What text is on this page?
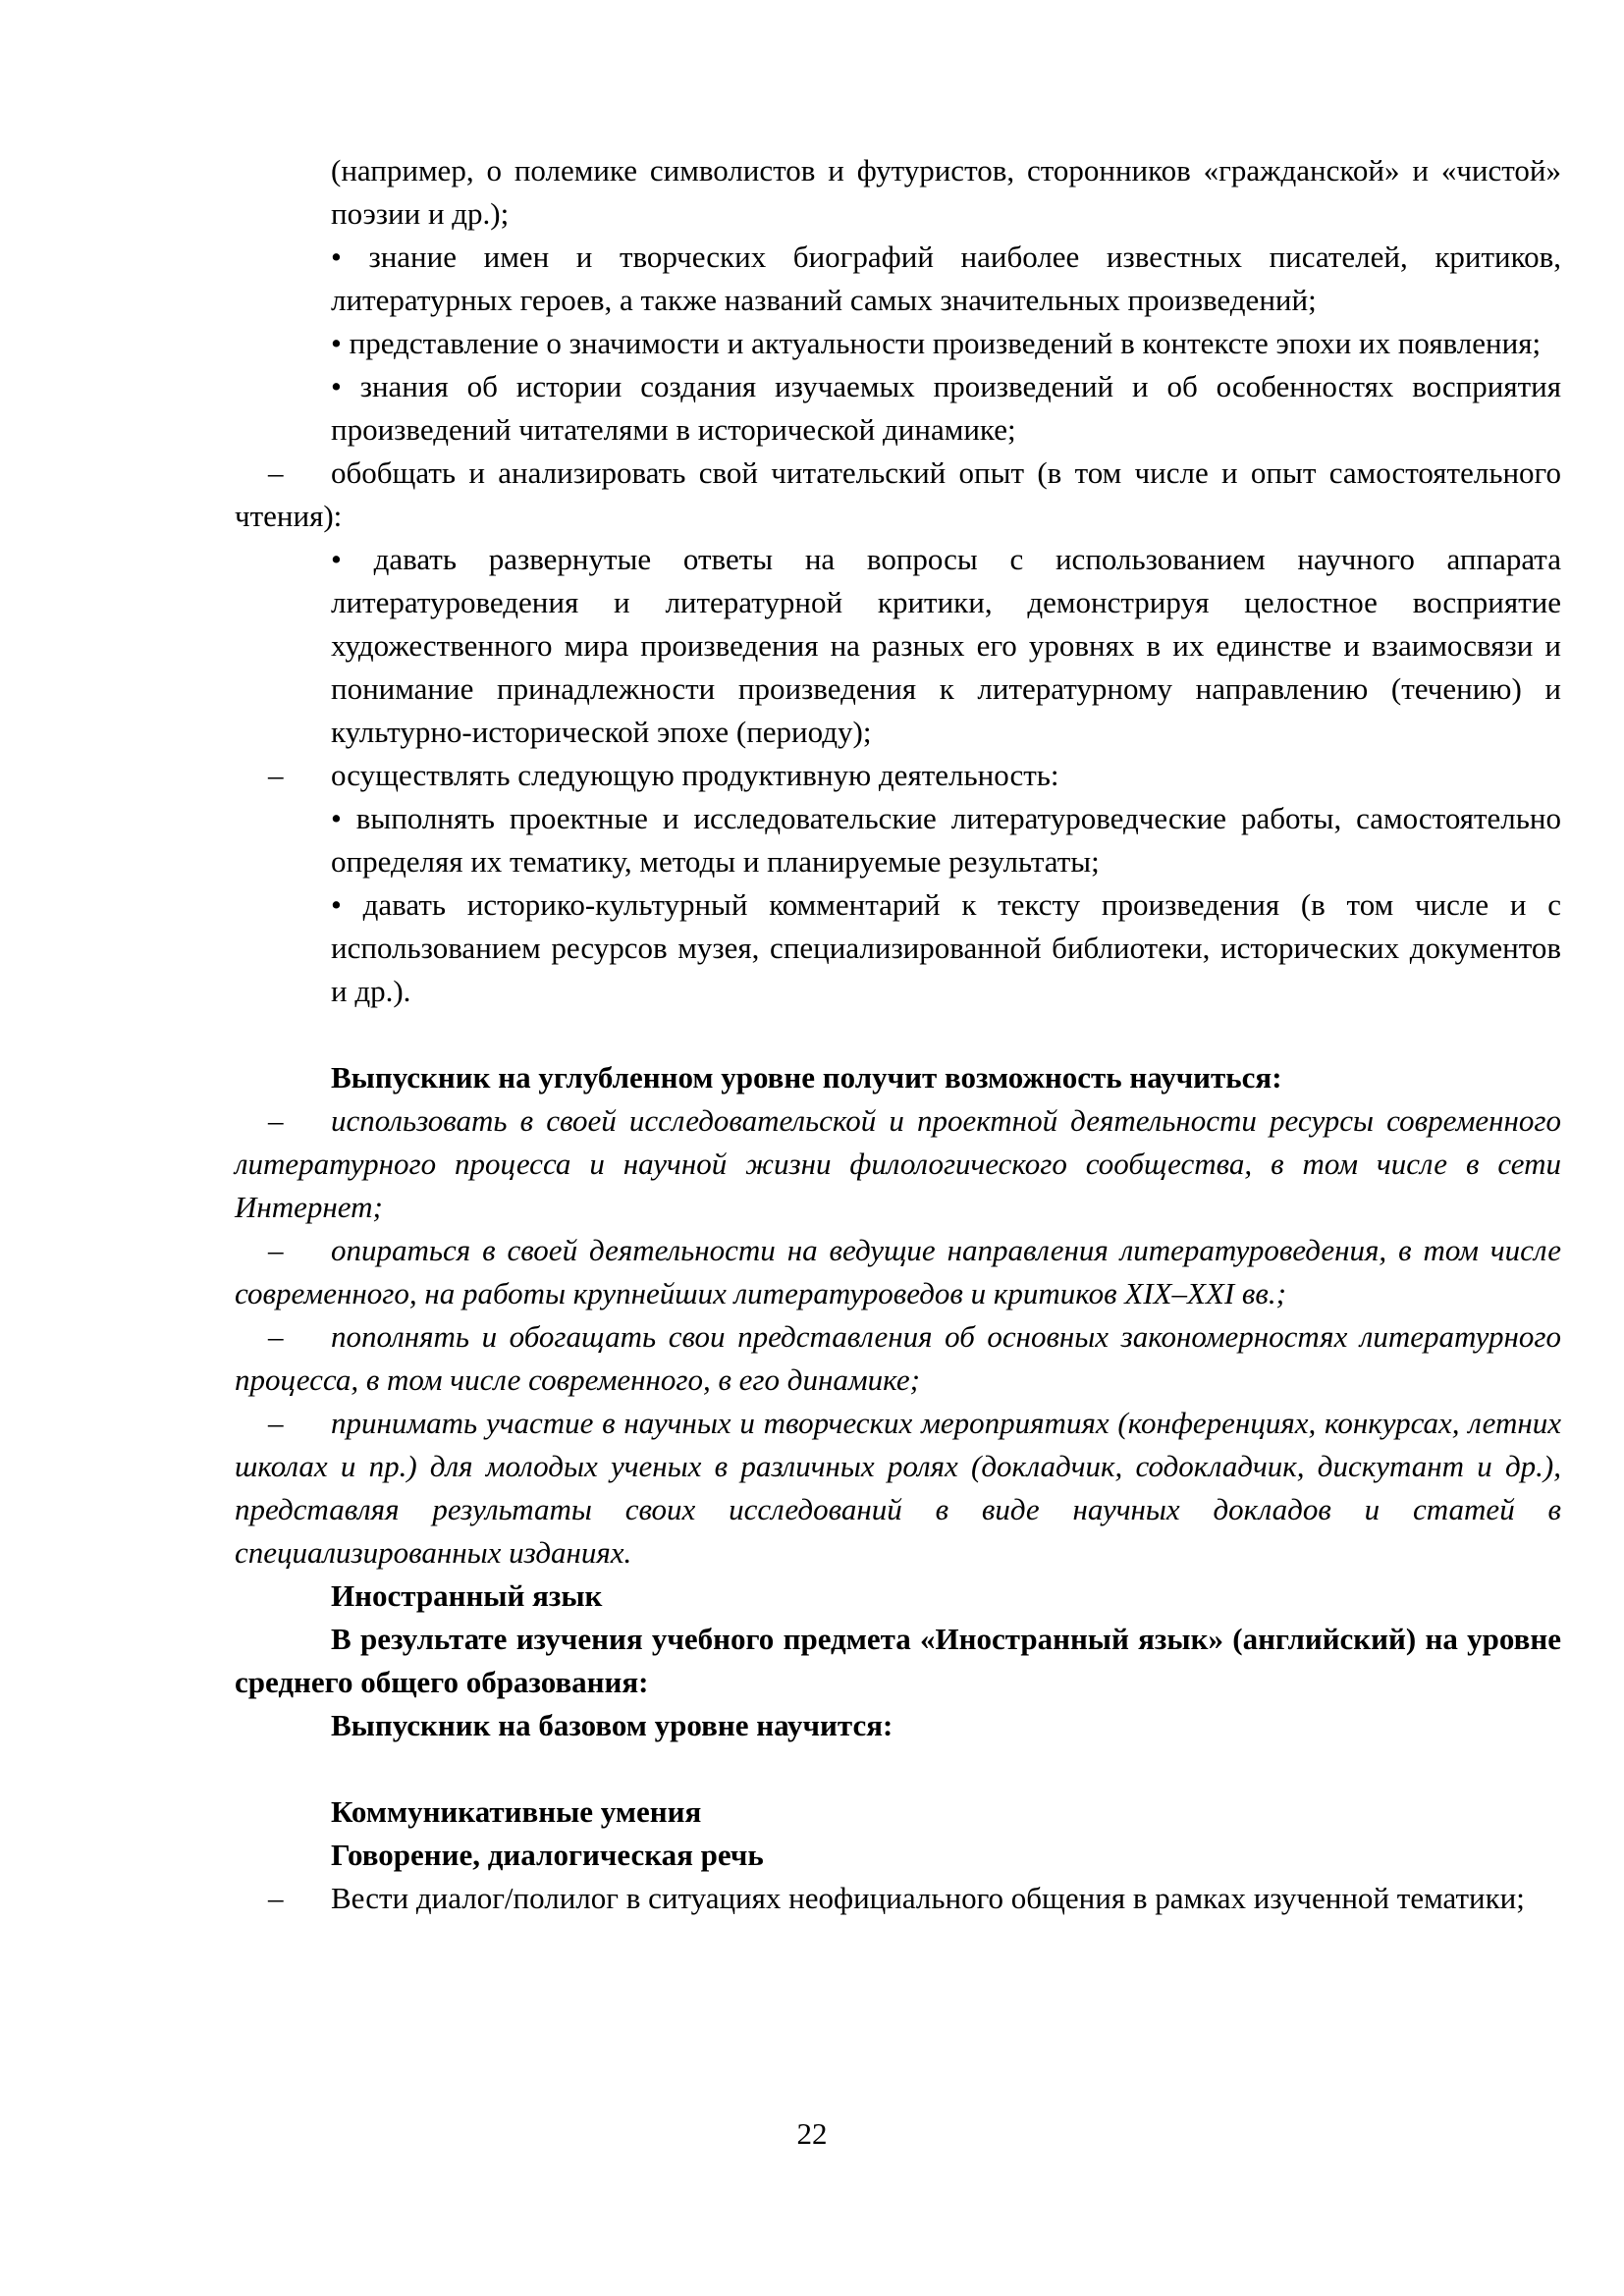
(например, о полемике символистов и футуристов, сторонников «гражданской» и «чистой» поэзии и др.);

• знание имен и творческих биографий наиболее известных писателей, критиков, литературных героев, а также названий самых значительных произведений;

• представление о значимости и актуальности произведений в контексте эпохи их появления;

• знания об истории создания изучаемых произведений и об особенностях восприятия произведений читателями в исторической динамике;

– обобщать и анализировать свой читательский опыт (в том числе и опыт самостоятельного чтения):

• давать развернутые ответы на вопросы с использованием научного аппарата литературоведения и литературной критики, демонстрируя целостное восприятие художественного мира произведения на разных его уровнях в их единстве и взаимосвязи и понимание принадлежности произведения к литературному направлению (течению) и культурно-исторической эпохе (периоду);

– осуществлять следующую продуктивную деятельность:

• выполнять проектные и исследовательские литературоведческие работы, самостоятельно определяя их тематику, методы и планируемые результаты;

• давать историко-культурный комментарий к тексту произведения (в том числе и с использованием ресурсов музея, специализированной библиотеки, исторических документов и др.).

Выпускник на углубленном уровне получит возможность научиться:

– использовать в своей исследовательской и проектной деятельности ресурсы современного литературного процесса и научной жизни филологического сообщества, в том числе в сети Интернет;

– опираться в своей деятельности на ведущие направления литературоведения, в том числе современного, на работы крупнейших литературоведов и критиков XIX–XXI вв.;

– пополнять и обогащать свои представления об основных закономерностях литературного процесса, в том числе современного, в его динамике;

– принимать участие в научных и творческих мероприятиях (конференциях, конкурсах, летних школах и пр.) для молодых ученых в различных ролях (докладчик, содокладчик, дискутант и др.), представляя результаты своих исследований в виде научных докладов и статей в специализированных изданиях.

Иностранный язык

В результате изучения учебного предмета «Иностранный язык» (английский) на уровне среднего общего образования:

Выпускник на базовом уровне научится:

Коммуникативные умения

Говорение, диалогическая речь

– Вести диалог/полилог в ситуациях неофициального общения в рамках изученной тематики;

22
